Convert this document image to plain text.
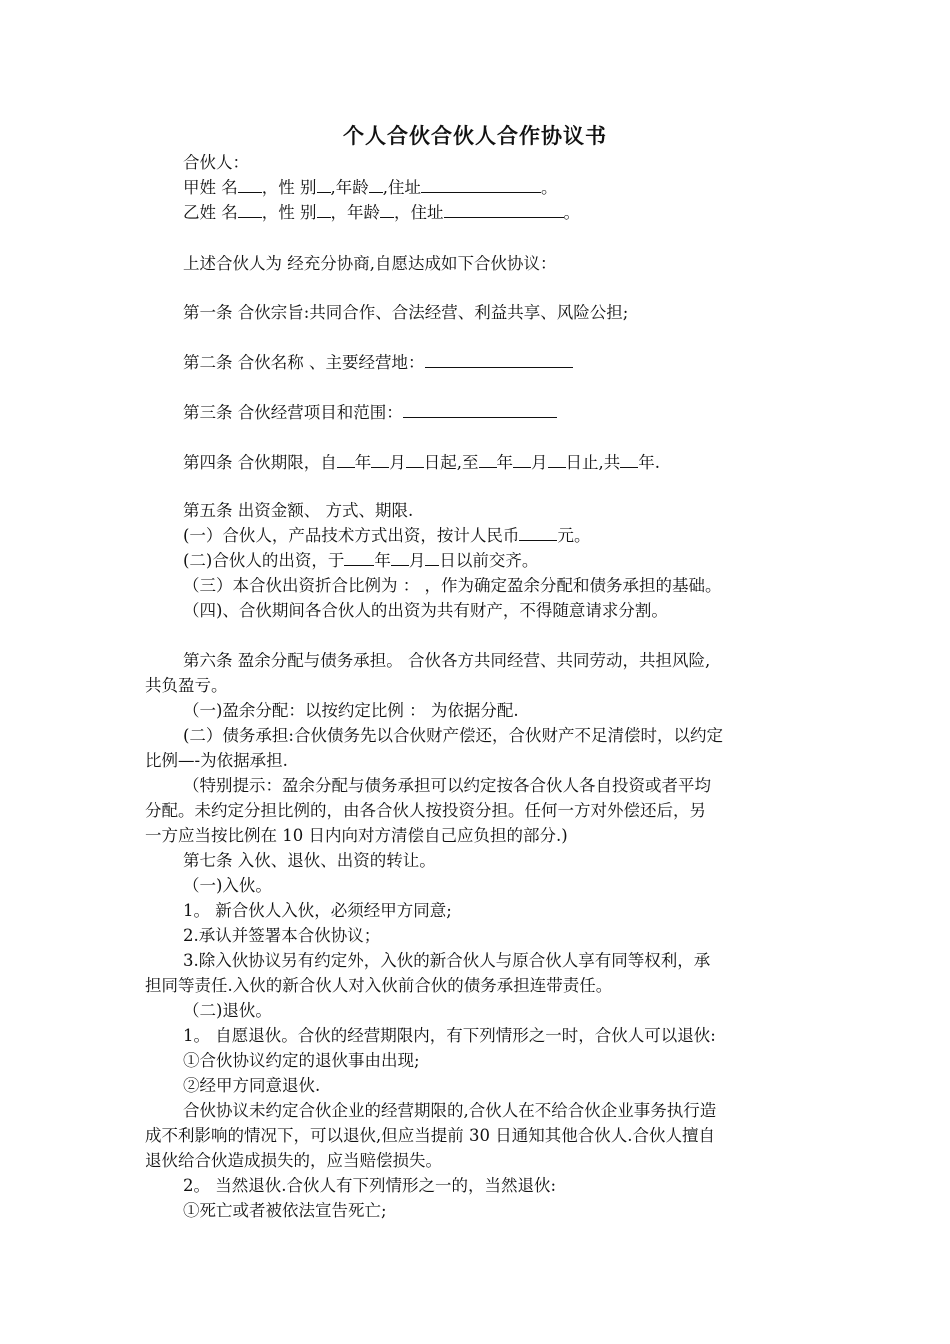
个人合伙合伙人合作协议书

合伙人：

甲姓 名 ，性 别 ,年龄 ,住址	。

乙姓 名 ，性 别 ，年龄 ，住址	。

上述合伙人为 经充分协商,自愿达成如下合伙协议：

第一条 合伙宗旨:共同合作、合法经营、利益共享、风险公担;

第二条 合伙名称 、主要经营地：

第三条 合伙经营项目和范围：

第四条 合伙期限，自 年 月 日起,至 年 月 日止,共 年.

第五条 出资金额、 方式、期限.

(一）合伙人，产品技术方式出资，按计人民币 元。

(二)合伙人的出资，于 年 月 日以前交齐。

（三）本合伙出资折合比例为 ： ，作为确定盈余分配和债务承担的基础。

（四)、合伙期间各合伙人的出资为共有财产，不得随意请求分割。

第六条 盈余分配与债务承担。 合伙各方共同经营、共同劳动，共担风险,

共负盈亏。

（一)盈余分配：以按约定比例 ： 为依据分配.

(二）债务承担:合伙债务先以合伙财产偿还，合伙财产不足清偿时，以约定

比例—-为依据承担.

（特别提示：盈余分配与债务承担可以约定按各合伙人各自投资或者平均

分配。未约定分担比例的，由各合伙人按投资分担。任何一方对外偿还后，另

一方应当按比例在 10 日内向对方清偿自己应负担的部分.)

第七条 入伙、退伙、出资的转让。

（一)入伙。

1。 新合伙人入伙，必须经甲方同意;

2.承认并签署本合伙协议；

3.除入伙协议另有约定外，入伙的新合伙人与原合伙人享有同等权利，承

担同等责任.入伙的新合伙人对入伙前合伙的债务承担连带责任。

（二)退伙。

1。 自愿退伙。合伙的经营期限内，有下列情形之一时，合伙人可以退伙:

①合伙协议约定的退伙事由出现;

②经甲方同意退伙.

合伙协议未约定合伙企业的经营期限的,合伙人在不给合伙企业事务执行造

成不利影响的情况下，可以退伙,但应当提前 30 日通知其他合伙人.合伙人擅自

退伙给合伙造成损失的，应当赔偿损失。

2。 当然退伙.合伙人有下列情形之一的，当然退伙:

①死亡或者被依法宣告死亡;
